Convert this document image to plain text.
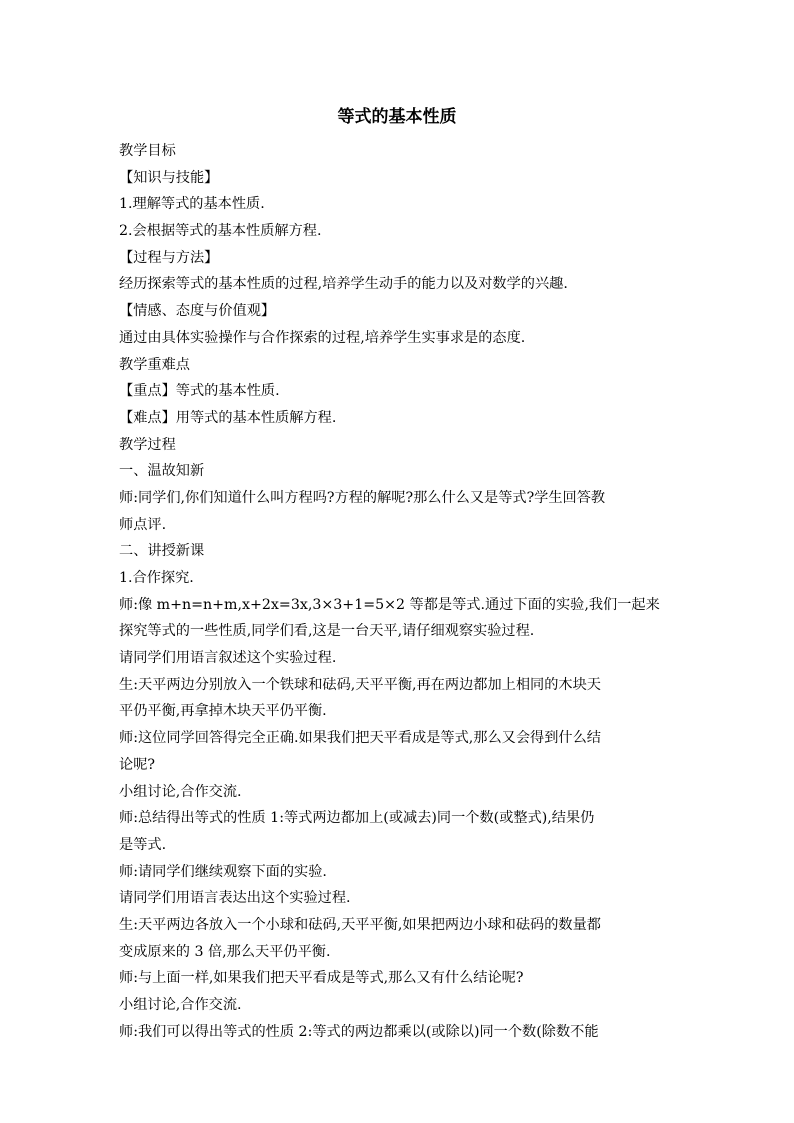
等式的基本性质
教学目标
【知识与技能】
1.理解等式的基本性质.
2.会根据等式的基本性质解方程.
【过程与方法】
经历探索等式的基本性质的过程,培养学生动手的能力以及对数学的兴趣.
【情感、态度与价值观】
通过由具体实验操作与合作探索的过程,培养学生实事求是的态度.
教学重难点
【重点】等式的基本性质.
【难点】用等式的基本性质解方程.
教学过程
一、温故知新
师:同学们,你们知道什么叫方程吗?方程的解呢?那么什么又是等式?学生回答教
师点评.
二、讲授新课
1.合作探究.
师:像 m+n=n+m,x+2x=3x,3×3+1=5×2 等都是等式.通过下面的实验,我们一起来
探究等式的一些性质,同学们看,这是一台天平,请仔细观察实验过程.
请同学们用语言叙述这个实验过程.
生:天平两边分别放入一个铁球和砝码,天平平衡,再在两边都加上相同的木块天
平仍平衡,再拿掉木块天平仍平衡.
师:这位同学回答得完全正确.如果我们把天平看成是等式,那么又会得到什么结
论呢?
小组讨论,合作交流.
师:总结得出等式的性质 1:等式两边都加上(或减去)同一个数(或整式),结果仍
是等式.
师:请同学们继续观察下面的实验.
请同学们用语言表达出这个实验过程.
生:天平两边各放入一个小球和砝码,天平平衡,如果把两边小球和砝码的数量都
变成原来的 3 倍,那么天平仍平衡.
师:与上面一样,如果我们把天平看成是等式,那么又有什么结论呢?
小组讨论,合作交流.
师:我们可以得出等式的性质 2:等式的两边都乘以(或除以)同一个数(除数不能
